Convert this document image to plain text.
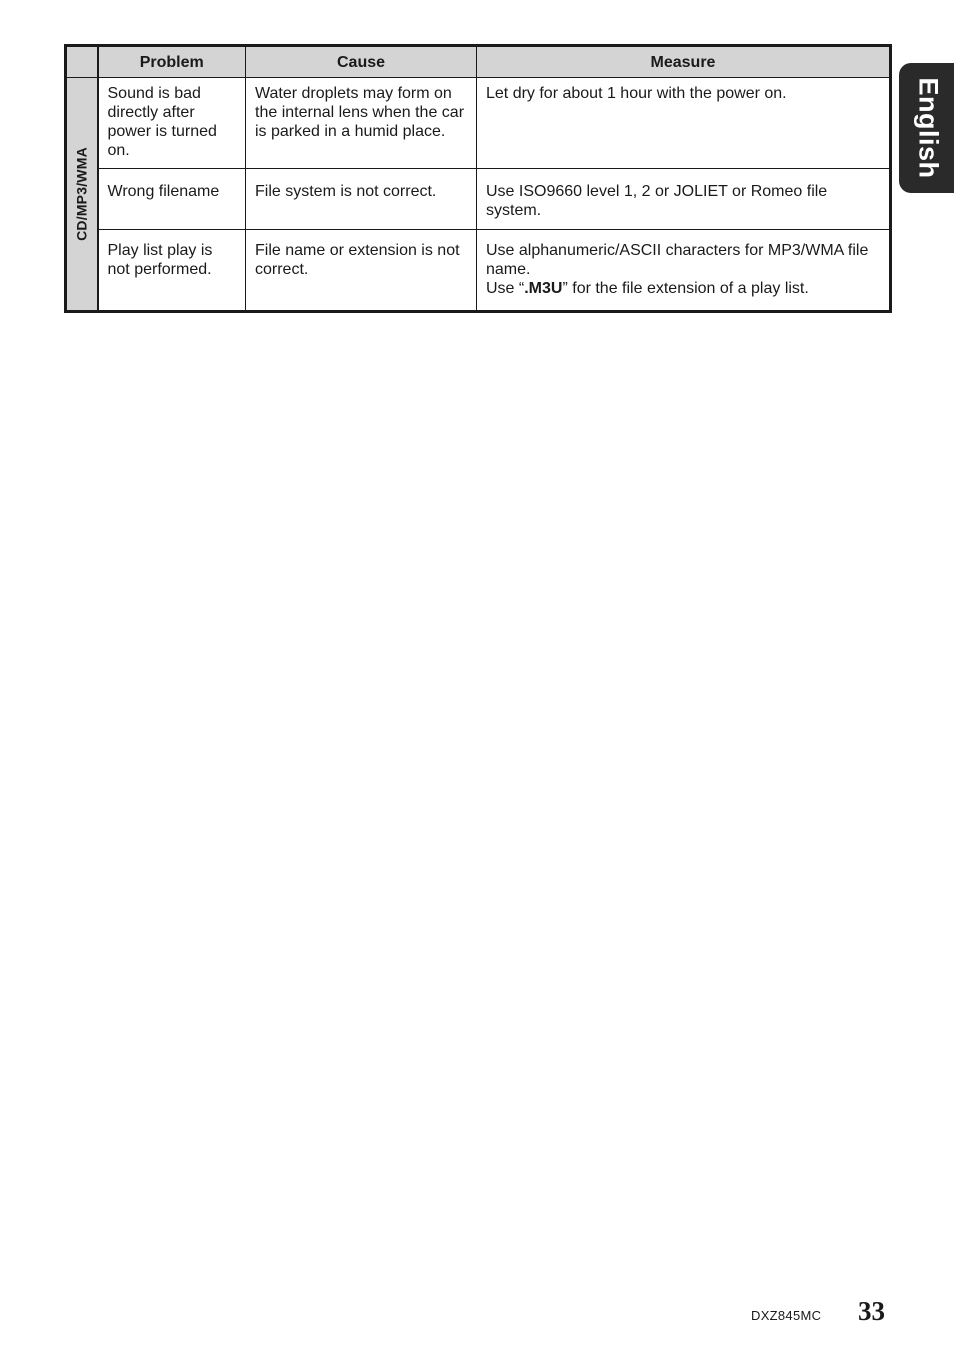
	Problem	Cause	Measure

CD/MP3/WMA	Sound is bad directly after power is turned on.	Water droplets may form on the internal lens when the car is parked in a humid place.	Let dry for about 1 hour with the power on.

	Wrong filename	File system is not correct.	Use ISO9660 level 1, 2 or JOLIET or Romeo file system.

	Play list play is not performed.	File name or extension is not correct.	Use alphanumeric/ASCII characters for MP3/WMA file name.
Use “.M3U” for the file extension of a play list.
English
DXZ845MC 33
